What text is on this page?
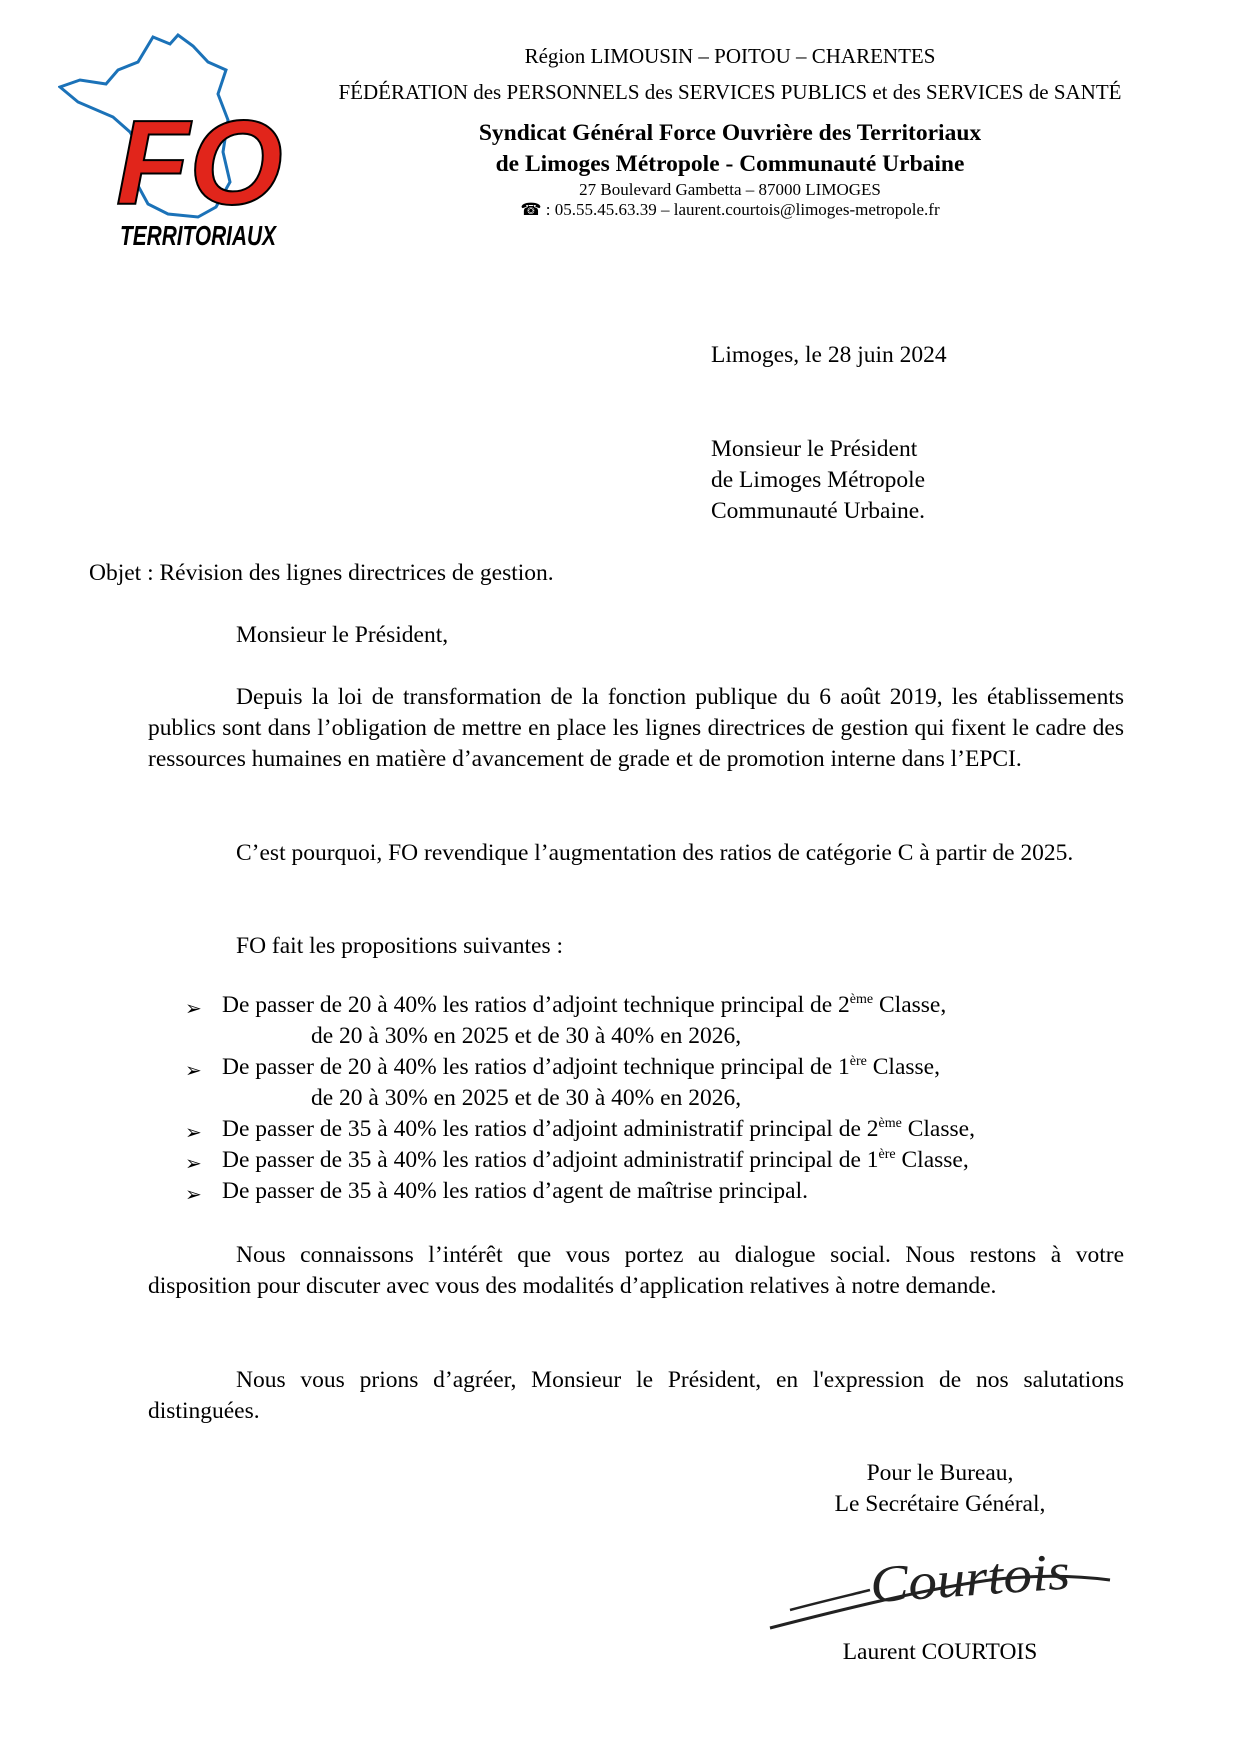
FO
TERRITORIAUX
Région LIMOUSIN – POITOU – CHARENTES
FÉDÉRATION des PERSONNELS des SERVICES PUBLICS et des SERVICES de SANTÉ
Syndicat Général Force Ouvrière des Territoriaux
de Limoges Métropole - Communauté Urbaine
27 Boulevard Gambetta – 87000 LIMOGES
☎ : 05.55.45.63.39 – laurent.courtois@limoges-metropole.fr
Limoges, le 28 juin 2024
Monsieur le Président
de Limoges Métropole
Communauté Urbaine.
Objet : Révision des lignes directrices de gestion.
Monsieur le Président,
Depuis la loi de transformation de la fonction publique du 6 août 2019, les établissements publics sont dans l’obligation de mettre en place les lignes directrices de gestion qui fixent le cadre des ressources humaines en matière d’avancement de grade et de promotion interne dans l’EPCI.
C’est pourquoi, FO revendique l’augmentation des ratios de catégorie C à partir de 2025.
FO fait les propositions suivantes :
➢ De passer de 20 à 40% les ratios d’adjoint technique principal de 2ème Classe,
de 20 à 30% en 2025 et de 30 à 40% en 2026,
➢ De passer de 20 à 40% les ratios d’adjoint technique principal de 1ère Classe,
de 20 à 30% en 2025 et de 30 à 40% en 2026,
➢ De passer de 35 à 40% les ratios d’adjoint administratif principal de 2ème Classe,
➢ De passer de 35 à 40% les ratios d’adjoint administratif principal de 1ère Classe,
➢ De passer de 35 à 40% les ratios d’agent de maîtrise principal.
Nous connaissons l’intérêt que vous portez au dialogue social. Nous restons à votre disposition pour discuter avec vous des modalités d’application relatives à notre demande.
Nous vous prions d’agréer, Monsieur le Président, en l'expression de nos salutations distinguées.
Pour le Bureau,
Le Secrétaire Général,
Courtois
Laurent COURTOIS
